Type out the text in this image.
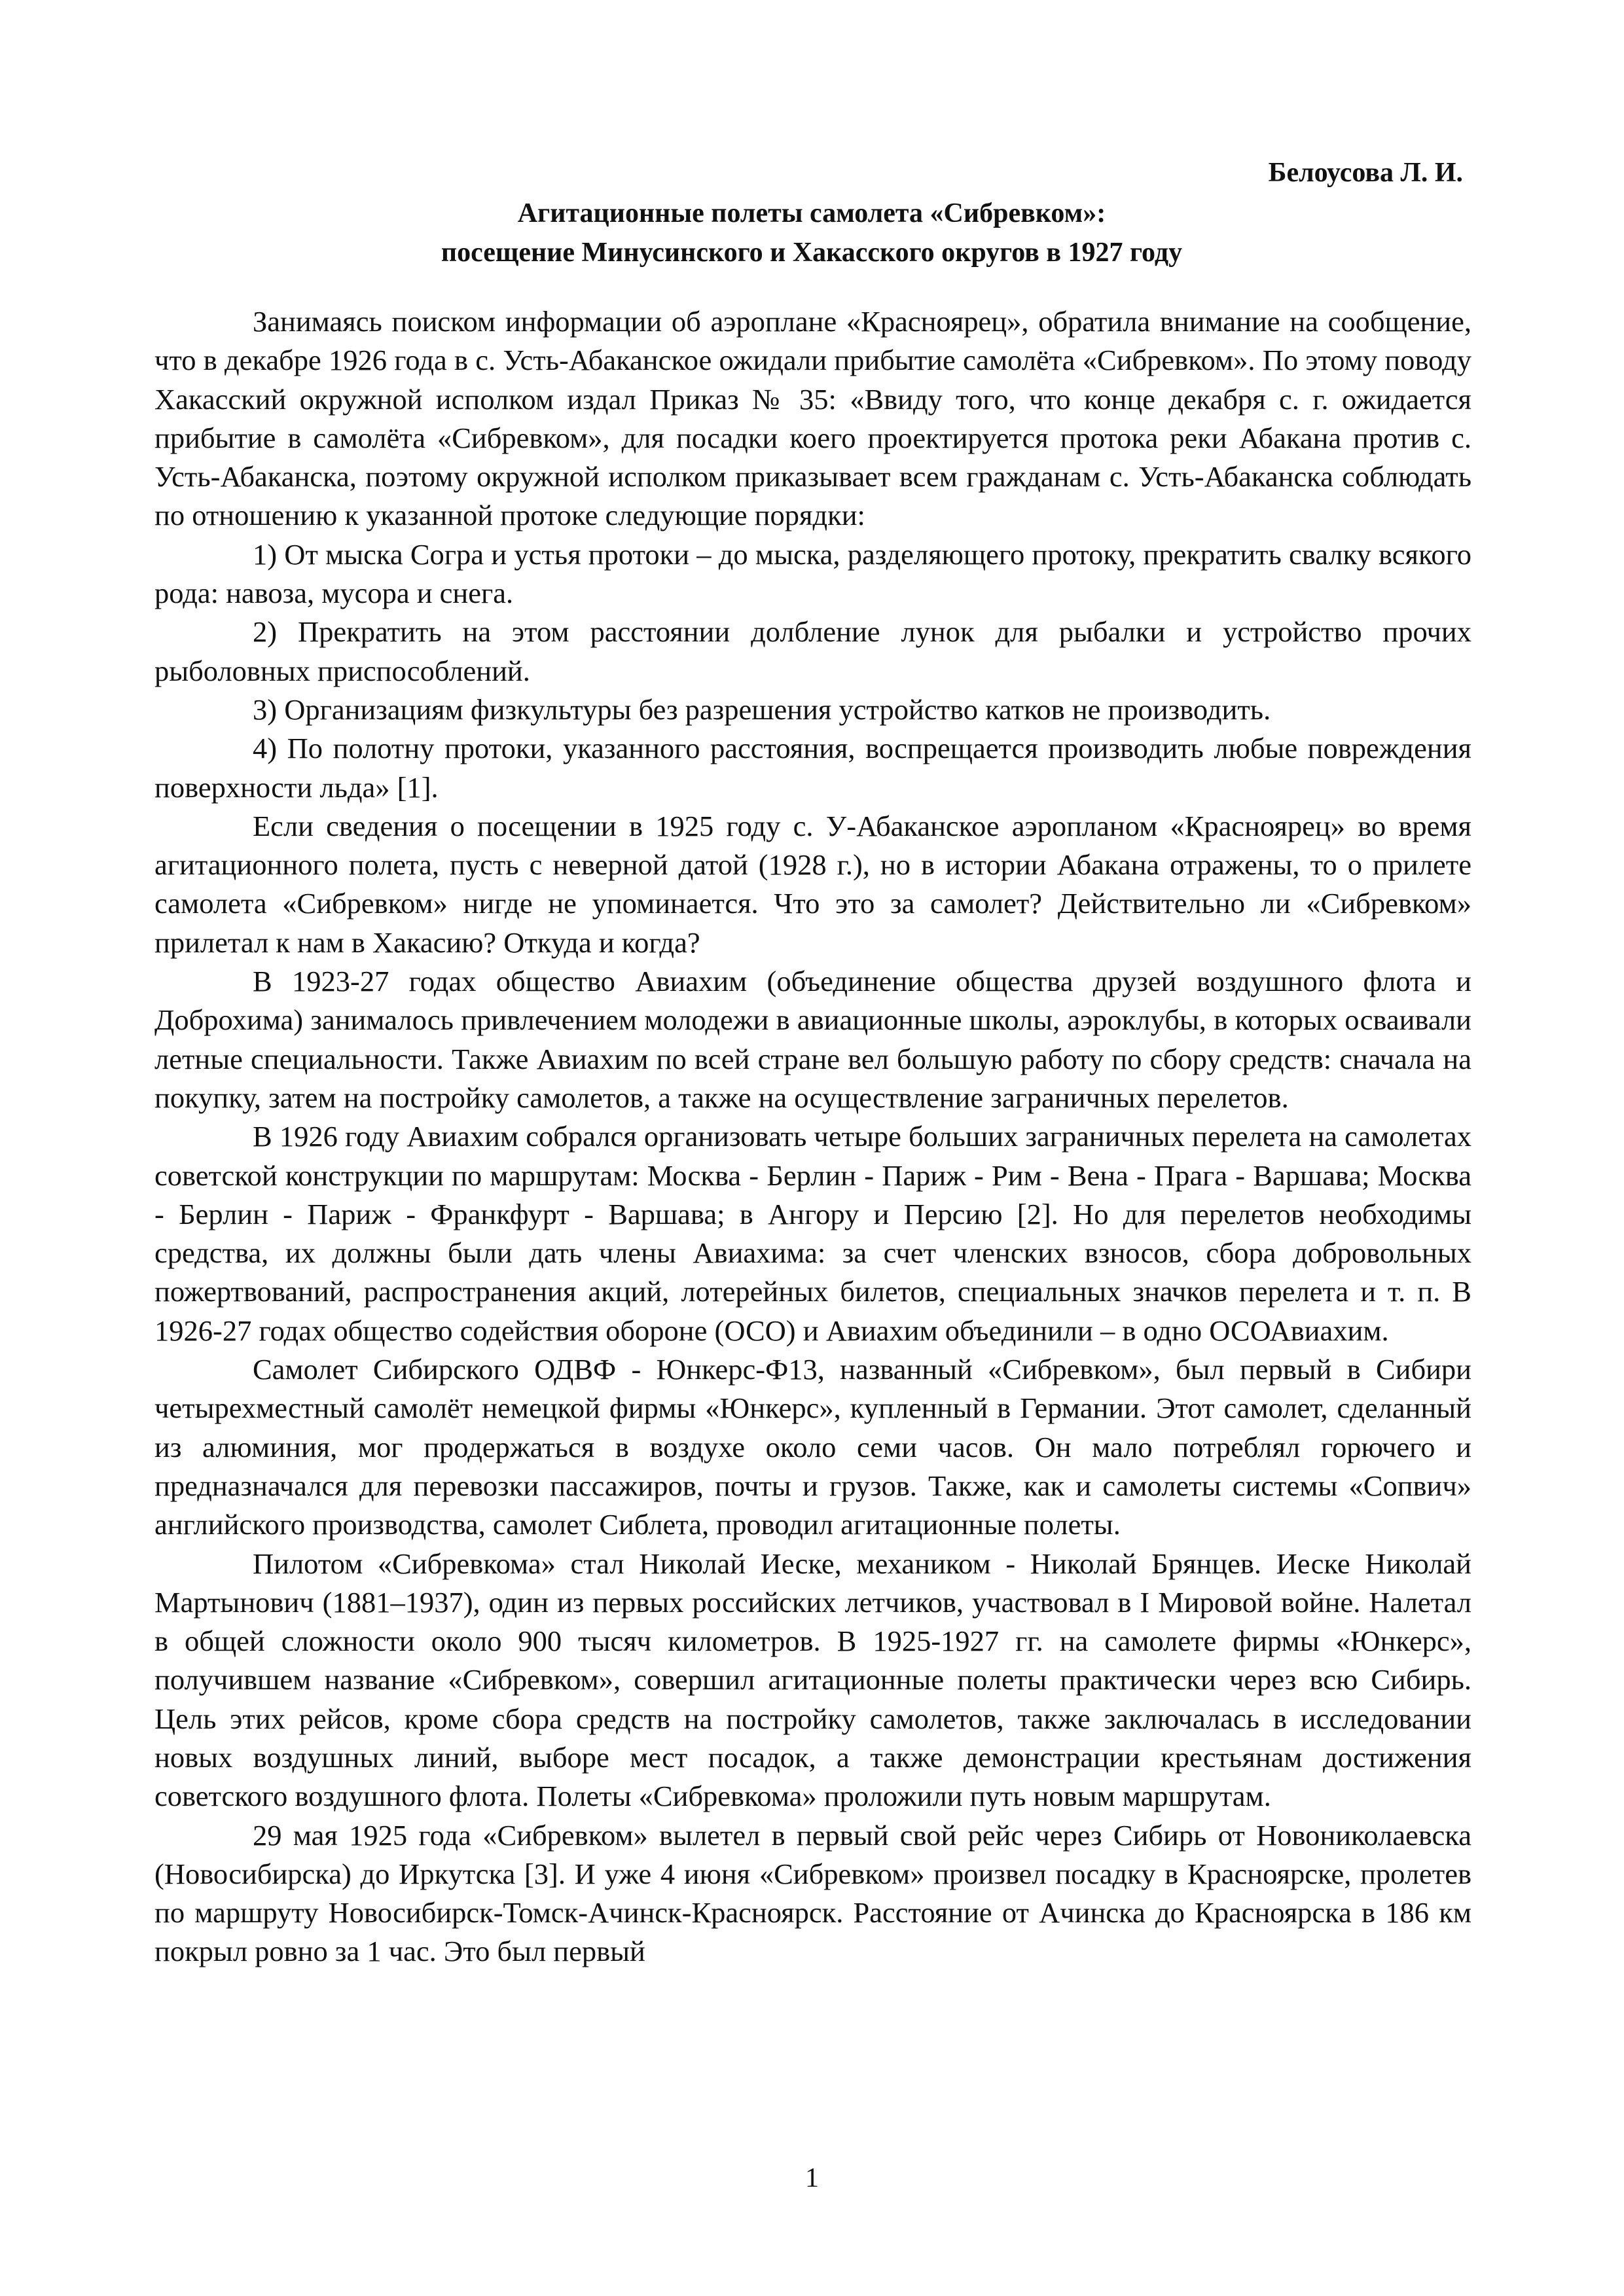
Белоусова Л. И.
Агитационные полеты самолета «Сибревком»:
посещение Минусинского и Хакасского округов в 1927 году

Занимаясь поиском информации об аэроплане «Красноярец», обратила внимание на сообщение, что в декабре 1926 года в с. Усть-Абаканское ожидали прибытие самолёта «Сибревком». По этому поводу Хакасский окружной исполком издал Приказ № 35: «Ввиду того, что конце декабря с. г. ожидается прибытие в самолёта «Сибревком», для посадки коего проектируется протока реки Абакана против с. Усть-Абаканска, поэтому окружной исполком приказывает всем гражданам с. Усть-Абаканска соблюдать по отношению к указанной протоке следующие порядки:

1) От мыска Согра и устья протоки – до мыска, разделяющего протоку, прекратить свалку всякого рода: навоза, мусора и снега.

2) Прекратить на этом расстоянии долбление лунок для рыбалки и устройство прочих рыболовных приспособлений.

3) Организациям физкультуры без разрешения устройство катков не производить.

4) По полотну протоки, указанного расстояния, воспрещается производить любые повреждения поверхности льда» [1].

Если сведения о посещении в 1925 году с. У-Абаканское аэропланом «Красноярец» во время агитационного полета, пусть с неверной датой (1928 г.), но в истории Абакана отражены, то о прилете самолета «Сибревком» нигде не упоминается. Что это за самолет? Действительно ли «Сибревком» прилетал к нам в Хакасию? Откуда и когда?

В 1923-27 годах общество Авиахим (объединение общества друзей воздушного флота и Доброхима) занималось привлечением молодежи в авиационные школы, аэроклубы, в которых осваивали летные специальности. Также Авиахим по всей стране вел большую работу по сбору средств: сначала на покупку, затем на постройку самолетов, а также на осуществление заграничных перелетов.

В 1926 году Авиахим собрался организовать четыре больших заграничных перелета на самолетах советской конструкции по маршрутам: Москва - Берлин - Париж - Рим - Вена - Прага - Варшава; Москва - Берлин - Париж - Франкфурт - Варшава; в Ангору и Персию [2]. Но для перелетов необходимы средства, их должны были дать члены Авиахима: за счет членских взносов, сбора добровольных пожертвований, распространения акций, лотерейных билетов, специальных значков перелета и т. п. В 1926-27 годах общество содействия обороне (ОСО) и Авиахим объединили – в одно ОСОАвиахим.

Самолет Сибирского ОДВФ - Юнкерс-Ф13, названный «Сибревком», был первый в Сибири четырехместный самолёт немецкой фирмы «Юнкерс», купленный в Германии. Этот самолет, сделанный из алюминия, мог продержаться в воздухе около семи часов. Он мало потреблял горючего и предназначался для перевозки пассажиров, почты и грузов. Также, как и самолеты системы «Сопвич» английского производства, самолет Сиблета, проводил агитационные полеты.

Пилотом «Сибревкома» стал Николай Иеске, механиком - Николай Брянцев. Иеске Николай Мартынович (1881–1937), один из первых российских летчиков, участвовал в I Мировой войне. Налетал в общей сложности около 900 тысяч километров. В 1925-1927 гг. на самолете фирмы «Юнкерс», получившем название «Сибревком», совершил агитационные полеты практически через всю Сибирь. Цель этих рейсов, кроме сбора средств на постройку самолетов, также заключалась в исследовании новых воздушных линий, выборе мест посадок, а также демонстрации крестьянам достижения советского воздушного флота. Полеты «Сибревкома» проложили путь новым маршрутам.

29 мая 1925 года «Сибревком» вылетел в первый свой рейс через Сибирь от Новониколаевска (Новосибирска) до Иркутска [3]. И уже 4 июня «Сибревком» произвел посадку в Красноярске, пролетев по маршруту Новосибирск-Томск-Ачинск-Красноярск. Расстояние от Ачинска до Красноярска в 186 км покрыл ровно за 1 час. Это был первый

1
